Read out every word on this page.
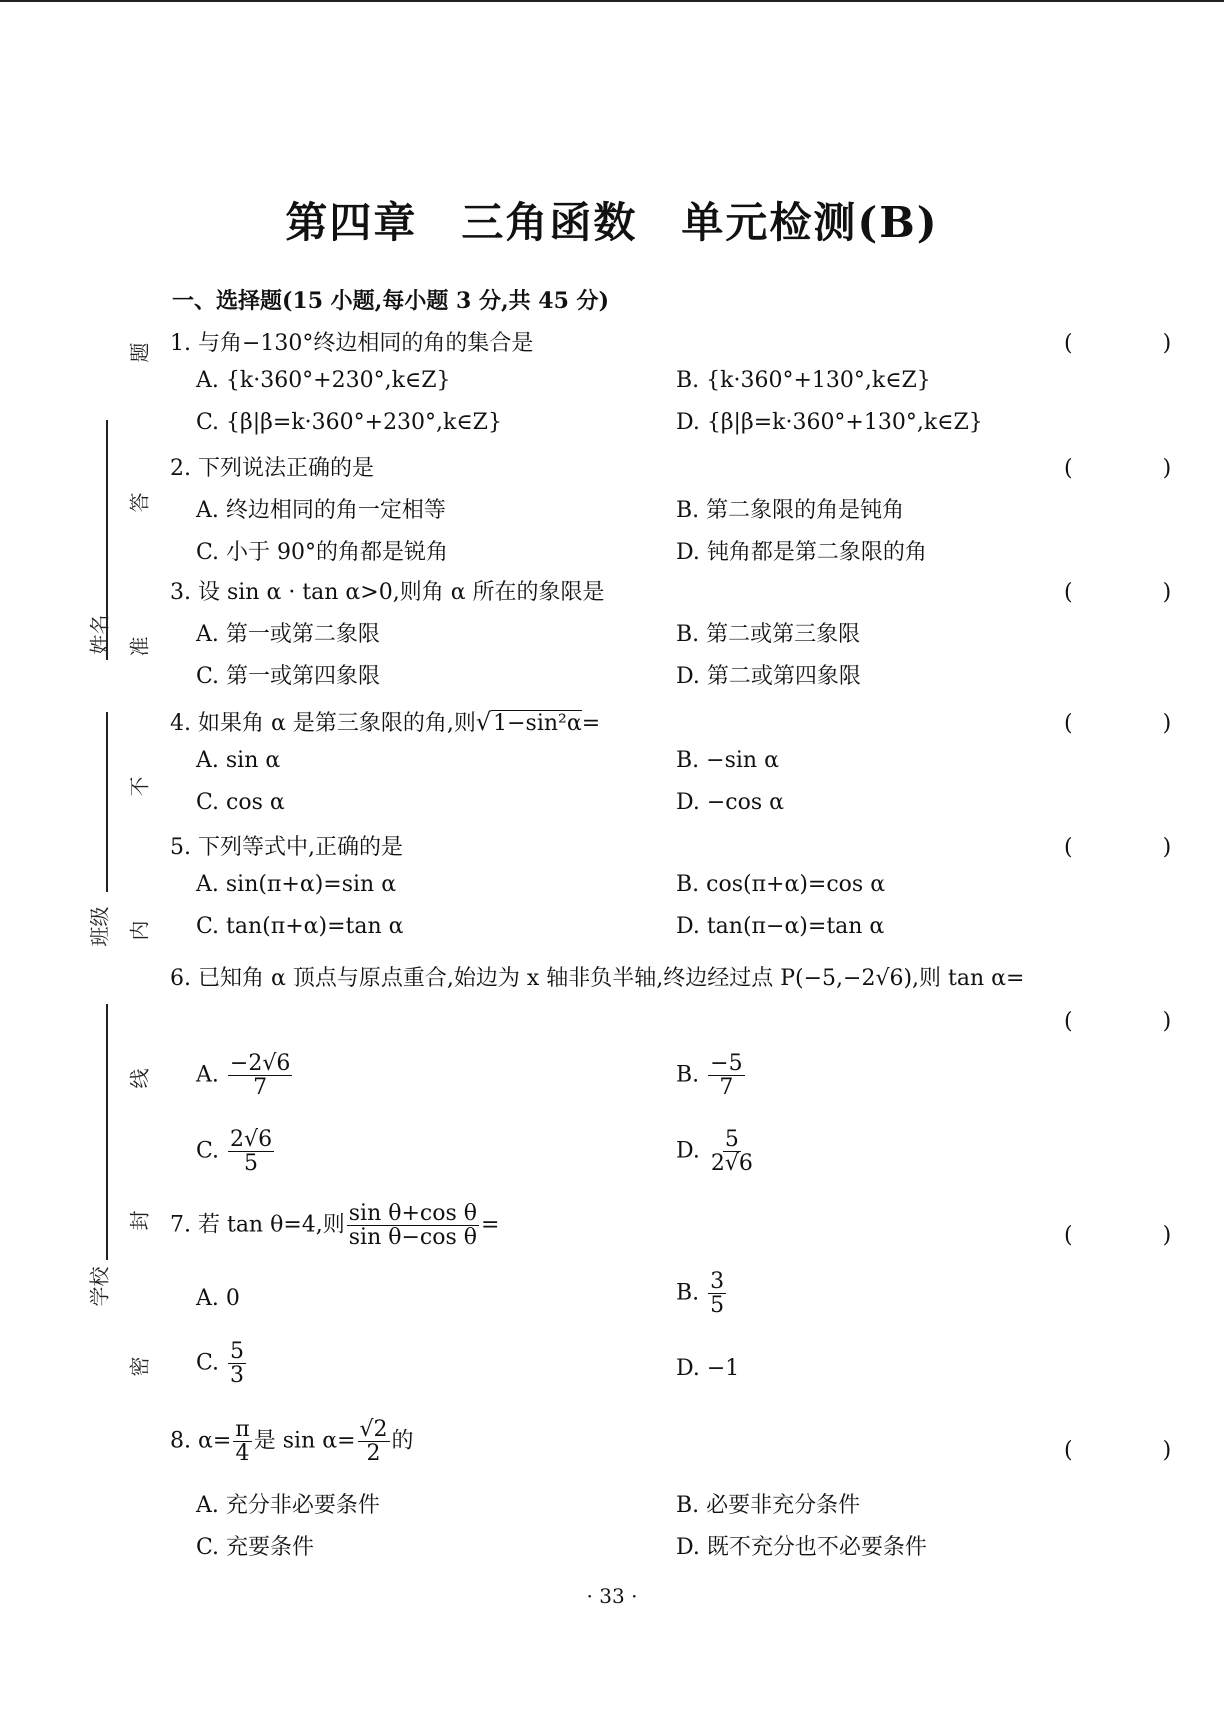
题
答
准
不
内
线
封
密
姓名
班级
学校
第四章　三角函数　单元检测(B)
一、选择题(15 小题,每小题 3 分,共 45 分)
1. 与角−130°终边相同的角的集合是	(　)
A. {k·360°+230°,k∈Z}	B. {k·360°+130°,k∈Z}
C. {β|β=k·360°+230°,k∈Z}	D. {β|β=k·360°+130°,k∈Z}
2. 下列说法正确的是	(　)
A. 终边相同的角一定相等	B. 第二象限的角是钝角
C. 小于 90°的角都是锐角	D. 钝角都是第二象限的角
3. 设 sin α · tan α>0,则角 α 所在的象限是	(　)
A. 第一或第二象限	B. 第二或第三象限
C. 第一或第四象限	D. 第二或第四象限
4. 如果角 α 是第三象限的角,则√1−sin²α=	(　)
A. sin α	B. −sin α
C. cos α	D. −cos α
5. 下列等式中,正确的是	(　)
A. sin(π+α)=sin α	B. cos(π+α)=cos α
C. tan(π+α)=tan α	D. tan(π−α)=tan α
6. 已知角 α 顶点与原点重合,始边为 x 轴非负半轴,终边经过点 P(−5,−2√6),则 tan α=
(　)
A. $\frac{-2√6}{7}$	B. $\frac{-5}{7}$
C. $\frac{2√6}{5}$	D. $\frac{5}{2√6}$
7. 若 tan θ=4,则 $\frac{\text{sin θ+cos θ}}{\text{sin θ−cos θ}}$ =	(　)
A. 0	B. $\frac{3}{5}$
C. $\frac{5}{3}$	D. −1
8. $\alpha= \frac{\pi}{4}$ 是 $\sin \alpha= \frac{√2}{2}$ 的	(　)
A. 充分非必要条件	B. 必要非充分条件
C. 充要条件	D. 既不充分也不必要条件
· 33 ·
